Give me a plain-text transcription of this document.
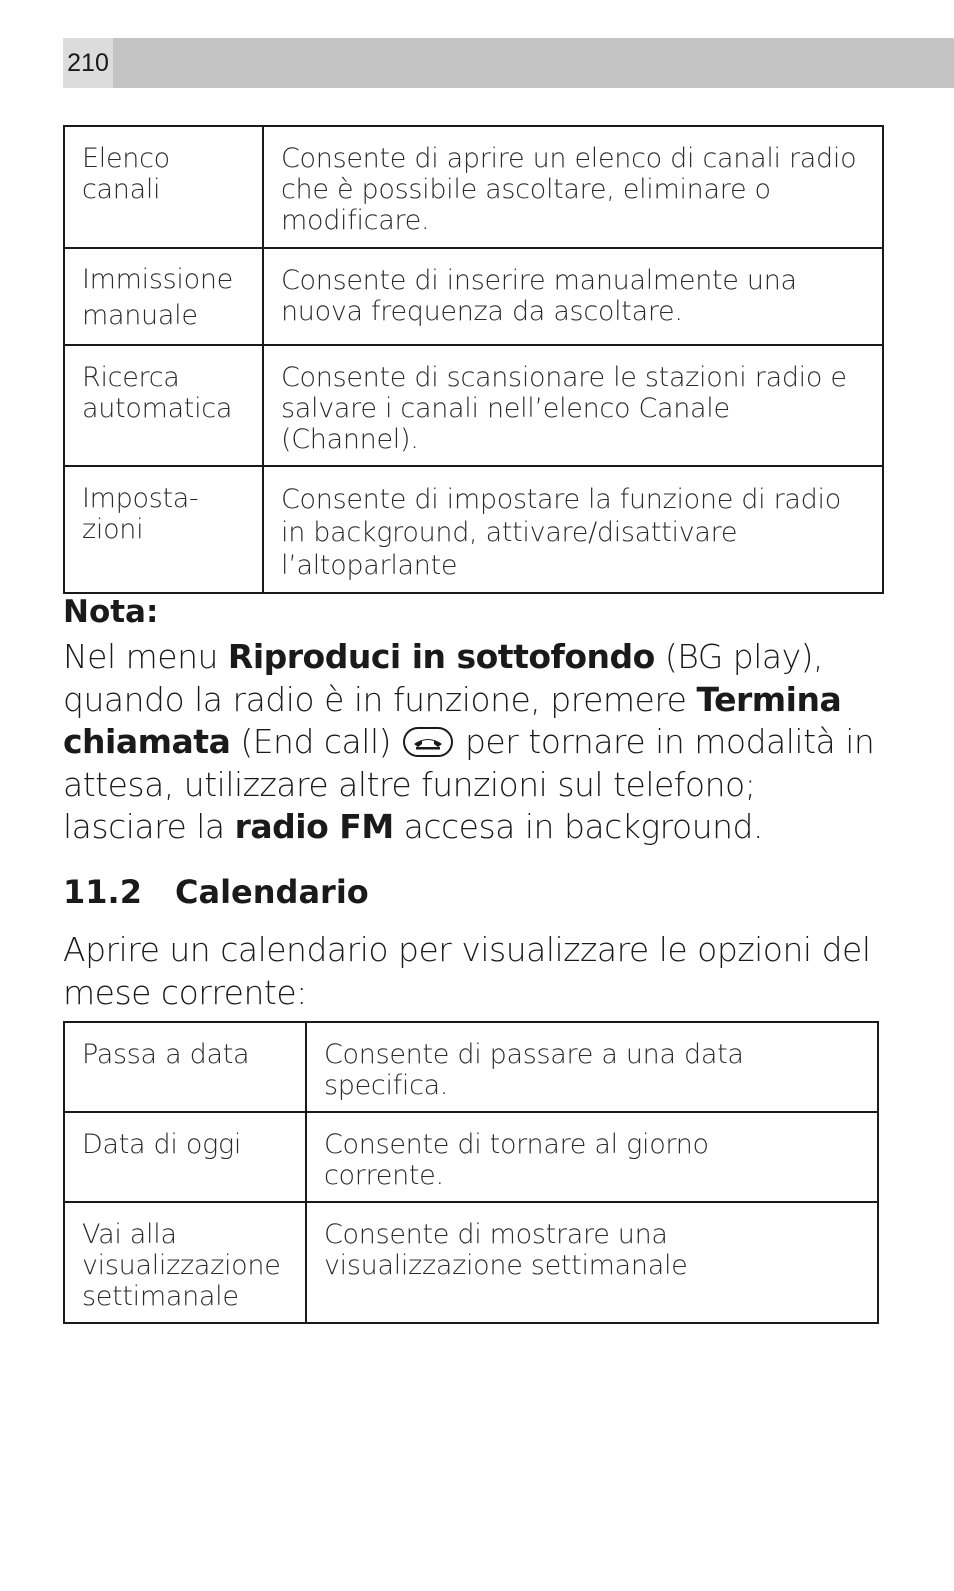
210
Elenco
canali	Consente di aprire un elenco di canali radio che è possibile ascoltare, eliminare o modificare.
Immissione
manuale	Consente di inserire manualmente una nuova frequenza da ascoltare.
Ricerca
automatica	Consente di scansionare le stazioni radio e salvare i canali nell’elenco Canale (Channel).
Imposta-zioni	Consente di impostare la funzione di radio in background, attivare/disattivare l’altoparlante
Nota:
Nel menu Riproduci in sottofondo (BG play), quando la radio è in funzione, premere Termina chiamata (End call)
per tornare in modalità in attesa, utilizzare altre funzioni sul telefono; lasciare la radio FM accesa in background.
11.2 Calendario
Aprire un calendario per visualizzare le opzioni del mese corrente:
Passa a data	Consente di passare a una data
specifica.
Data di oggi	Consente di tornare al giorno
corrente.
Vai alla
visualizzazione
settimanale	Consente di mostrare una
visualizzazione settimanale
